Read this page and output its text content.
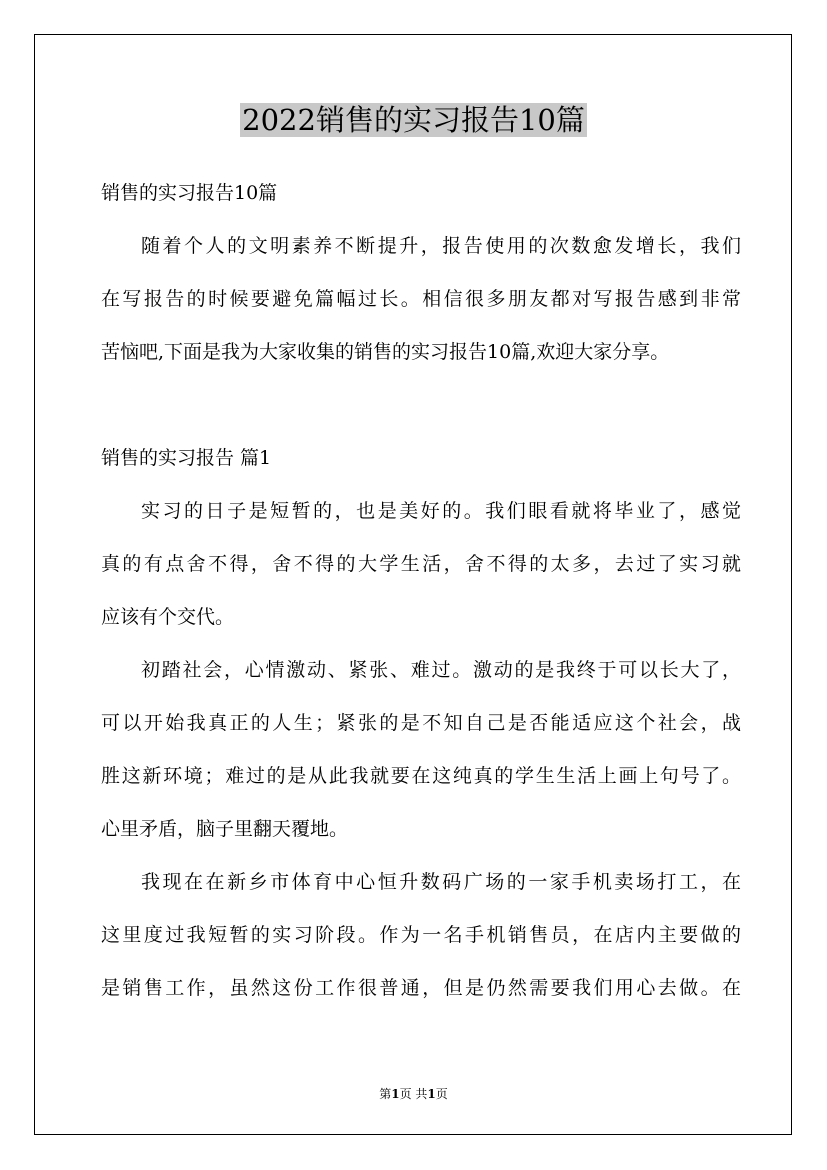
2022销售的实习报告10篇
销售的实习报告10篇
随着个人的文明素养不断提升，报告使用的次数愈发增长，我们
在写报告的时候要避免篇幅过长。相信很多朋友都对写报告感到非常
苦恼吧,下面是我为大家收集的销售的实习报告10篇,欢迎大家分享。
销售的实习报告 篇1
实习的日子是短暂的，也是美好的。我们眼看就将毕业了，感觉
真的有点舍不得，舍不得的大学生活，舍不得的太多，去过了实习就
应该有个交代。
初踏社会，心情激动、紧张、难过。激动的是我终于可以长大了，
可以开始我真正的人生；紧张的是不知自己是否能适应这个社会，战
胜这新环境；难过的是从此我就要在这纯真的学生生活上画上句号了。
心里矛盾，脑子里翻天覆地。
我现在在新乡市体育中心恒升数码广场的一家手机卖场打工，在
这里度过我短暂的实习阶段。作为一名手机销售员，在店内主要做的
是销售工作，虽然这份工作很普通，但是仍然需要我们用心去做。在
第1页 共1页
